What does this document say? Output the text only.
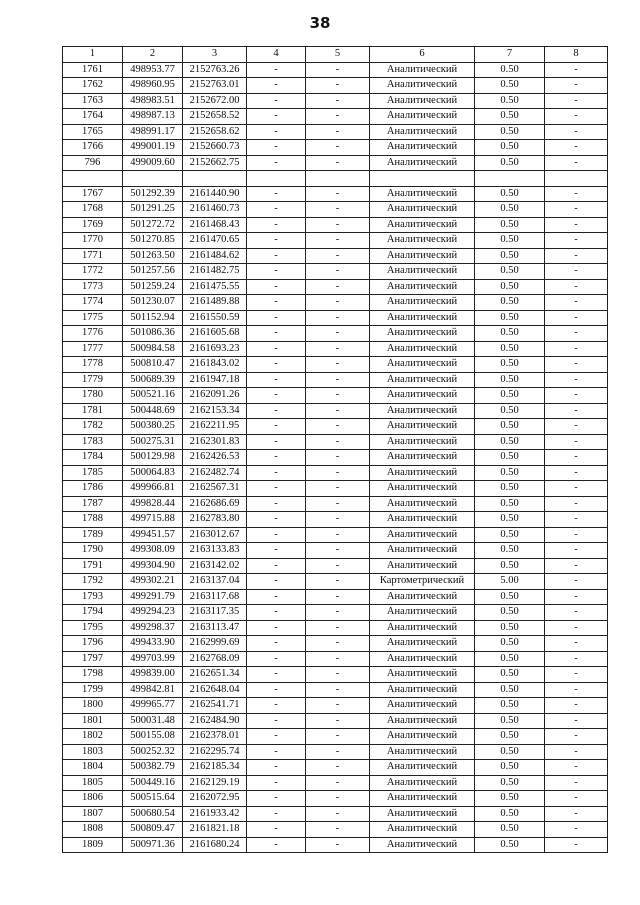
38
1	2	3	4	5	6	7	8
1761	498953.77	2152763.26	-	-	Аналитический	0.50	-
1762	498960.95	2152763.01	-	-	Аналитический	0.50	-
1763	498983.51	2152672.00	-	-	Аналитический	0.50	-
1764	498987.13	2152658.52	-	-	Аналитический	0.50	-
1765	498991.17	2152658.62	-	-	Аналитический	0.50	-
1766	499001.19	2152660.73	-	-	Аналитический	0.50	-
796	499009.60	2152662.75	-	-	Аналитический	0.50	-

1767	501292.39	2161440.90	-	-	Аналитический	0.50	-
1768	501291.25	2161460.73	-	-	Аналитический	0.50	-
1769	501272.72	2161468.43	-	-	Аналитический	0.50	-
1770	501270.85	2161470.65	-	-	Аналитический	0.50	-
1771	501263.50	2161484.62	-	-	Аналитический	0.50	-
1772	501257.56	2161482.75	-	-	Аналитический	0.50	-
1773	501259.24	2161475.55	-	-	Аналитический	0.50	-
1774	501230.07	2161489.88	-	-	Аналитический	0.50	-
1775	501152.94	2161550.59	-	-	Аналитический	0.50	-
1776	501086.36	2161605.68	-	-	Аналитический	0.50	-
1777	500984.58	2161693.23	-	-	Аналитический	0.50	-
1778	500810.47	2161843.02	-	-	Аналитический	0.50	-
1779	500689.39	2161947.18	-	-	Аналитический	0.50	-
1780	500521.16	2162091.26	-	-	Аналитический	0.50	-
1781	500448.69	2162153.34	-	-	Аналитический	0.50	-
1782	500380.25	2162211.95	-	-	Аналитический	0.50	-
1783	500275.31	2162301.83	-	-	Аналитический	0.50	-
1784	500129.98	2162426.53	-	-	Аналитический	0.50	-
1785	500064.83	2162482.74	-	-	Аналитический	0.50	-
1786	499966.81	2162567.31	-	-	Аналитический	0.50	-
1787	499828.44	2162686.69	-	-	Аналитический	0.50	-
1788	499715.88	2162783.80	-	-	Аналитический	0.50	-
1789	499451.57	2163012.67	-	-	Аналитический	0.50	-
1790	499308.09	2163133.83	-	-	Аналитический	0.50	-
1791	499304.90	2163142.02	-	-	Аналитический	0.50	-
1792	499302.21	2163137.04	-	-	Картометрический	5.00	-
1793	499291.79	2163117.68	-	-	Аналитический	0.50	-
1794	499294.23	2163117.35	-	-	Аналитический	0.50	-
1795	499298.37	2163113.47	-	-	Аналитический	0.50	-
1796	499433.90	2162999.69	-	-	Аналитический	0.50	-
1797	499703.99	2162768.09	-	-	Аналитический	0.50	-
1798	499839.00	2162651.34	-	-	Аналитический	0.50	-
1799	499842.81	2162648.04	-	-	Аналитический	0.50	-
1800	499965.77	2162541.71	-	-	Аналитический	0.50	-
1801	500031.48	2162484.90	-	-	Аналитический	0.50	-
1802	500155.08	2162378.01	-	-	Аналитический	0.50	-
1803	500252.32	2162295.74	-	-	Аналитический	0.50	-
1804	500382.79	2162185.34	-	-	Аналитический	0.50	-
1805	500449.16	2162129.19	-	-	Аналитический	0.50	-
1806	500515.64	2162072.95	-	-	Аналитический	0.50	-
1807	500680.54	2161933.42	-	-	Аналитический	0.50	-
1808	500809.47	2161821.18	-	-	Аналитический	0.50	-
1809	500971.36	2161680.24	-	-	Аналитический	0.50	-
